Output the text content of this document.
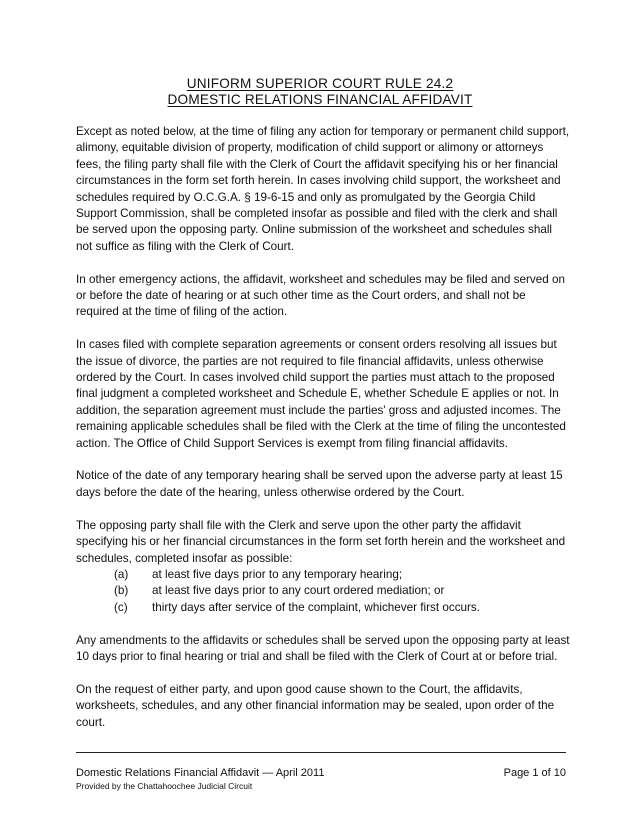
UNIFORM SUPERIOR COURT RULE 24.2
DOMESTIC RELATIONS FINANCIAL AFFIDAVIT

Except as noted below, at the time of filing any action for temporary or permanent child support, alimony, equitable division of property, modification of child support or alimony or attorneys fees, the filing party shall file with the Clerk of Court the affidavit specifying his or her financial circumstances in the form set forth herein. In cases involving child support, the worksheet and schedules required by O.C.G.A. § 19-6-15 and only as promulgated by the Georgia Child Support Commission, shall be completed insofar as possible and filed with the clerk and shall be served upon the opposing party. Online submission of the worksheet and schedules shall not suffice as filing with the Clerk of Court.

In other emergency actions, the affidavit, worksheet and schedules may be filed and served on or before the date of hearing or at such other time as the Court orders, and shall not be required at the time of filing of the action.

In cases filed with complete separation agreements or consent orders resolving all issues but the issue of divorce, the parties are not required to file financial affidavits, unless otherwise ordered by the Court. In cases involved child support the parties must attach to the proposed final judgment a completed worksheet and Schedule E, whether Schedule E applies or not. In addition, the separation agreement must include the parties' gross and adjusted incomes. The remaining applicable schedules shall be filed with the Clerk at the time of filing the uncontested action. The Office of Child Support Services is exempt from filing financial affidavits.

Notice of the date of any temporary hearing shall be served upon the adverse party at least 15 days before the date of the hearing, unless otherwise ordered by the Court.

The opposing party shall file with the Clerk and serve upon the other party the affidavit specifying his or her financial circumstances in the form set forth herein and the worksheet and schedules, completed insofar as possible:

(a)	at least five days prior to any temporary hearing;
(b)	at least five days prior to any court ordered mediation; or
(c)	thirty days after service of the complaint, whichever first occurs.

Any amendments to the affidavits or schedules shall be served upon the opposing party at least 10 days prior to final hearing or trial and shall be filed with the Clerk of Court at or before trial.

On the request of either party, and upon good cause shown to the Court, the affidavits, worksheets, schedules, and any other financial information may be sealed, upon order of the court.

Domestic Relations Financial Affidavit — April 2011	Page 1 of 10
Provided by the Chattahoochee Judicial Circuit
